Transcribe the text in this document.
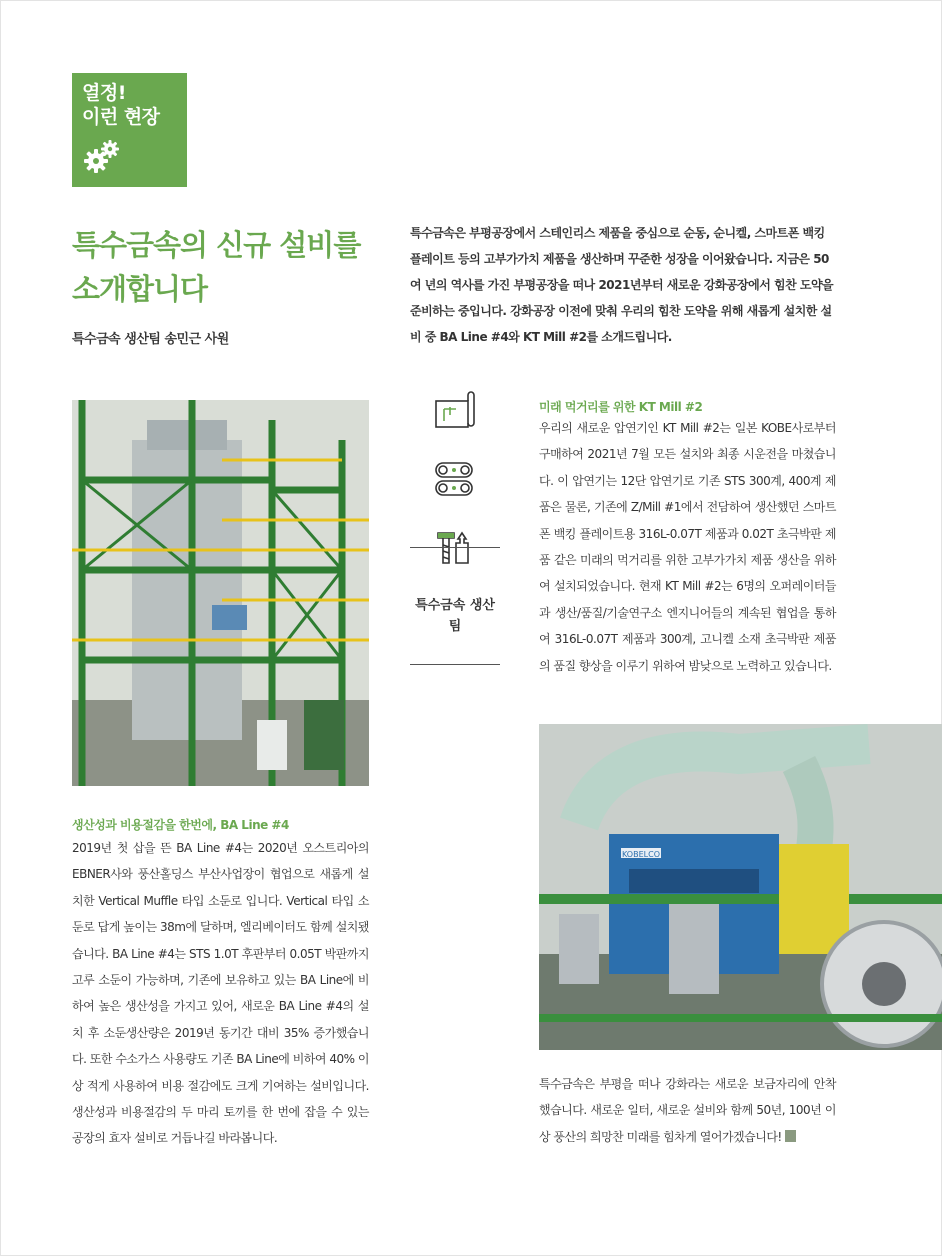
열정!
이런 현장
특수금속의 신규 설비를 소개합니다
특수금속 생산팀 송민근 사원
특수금속은 부평공장에서 스테인리스 제품을 중심으로 순동, 순니켈, 스마트폰 백킹 플레이트 등의 고부가가치 제품을 생산하며 꾸준한 성장을 이어왔습니다. 지금은 50여 년의 역사를 가진 부평공장을 떠나 2021년부터 새로운 강화공장에서 힘찬 도약을 준비하는 중입니다. 강화공장 이전에 맞춰 우리의 힘찬 도약을 위해 새롭게 설치한 설비 중 BA Line #4와 KT Mill #2를 소개드립니다.
특수금속 생산팀
미래 먹거리를 위한 KT Mill #2
우리의 새로운 압연기인 KT Mill #2는 일본 KOBE사로부터 구매하여 2021년 7월 모든 설치와 최종 시운전을 마쳤습니다. 이 압연기는 12단 압연기로 기존 STS 300계, 400계 제품은 물론, 기존에 Z/Mill #1에서 전담하여 생산했던 스마트폰 백킹 플레이트용 316L-0.07T 제품과 0.02T 초극박판 제품 같은 미래의 먹거리를 위한 고부가가치 제품 생산을 위하여 설치되었습니다. 현재 KT Mill #2는 6명의 오퍼레이터들과 생산/품질/기술연구소 엔지니어들의 계속된 협업을 통하여 316L-0.07T 제품과 300계, 고니켈 소재 초극박판 제품의 품질 향상을 이루기 위하여 밤낮으로 노력하고 있습니다.
KOBELCO
생산성과 비용절감을 한번에, BA Line #4
2019년 첫 삽을 뜬 BA Line #4는 2020년 오스트리아의 EBNER사와 풍산홀딩스 부산사업장이 협업으로 새롭게 설치한 Vertical Muffle 타입 소둔로 입니다. Vertical 타입 소둔로 답게 높이는 38m에 달하며, 엘리베이터도 함께 설치됐습니다. BA Line #4는 STS 1.0T 후판부터 0.05T 박판까지 고루 소둔이 가능하며, 기존에 보유하고 있는 BA Line에 비하여 높은 생산성을 가지고 있어, 새로운 BA Line #4의 설치 후 소둔생산량은 2019년 동기간 대비 35% 증가했습니다. 또한 수소가스 사용량도 기존 BA Line에 비하여 40% 이상 적게 사용하여 비용 절감에도 크게 기여하는 설비입니다. 생산성과 비용절감의 두 마리 토끼를 한 번에 잡을 수 있는 공장의 효자 설비로 거듭나길 바라봅니다.
특수금속은 부평을 떠나 강화라는 새로운 보금자리에 안착했습니다. 새로운 일터, 새로운 설비와 함께 50년, 100년 이상 풍산의 희망찬 미래를 힘차게 열어가겠습니다!
